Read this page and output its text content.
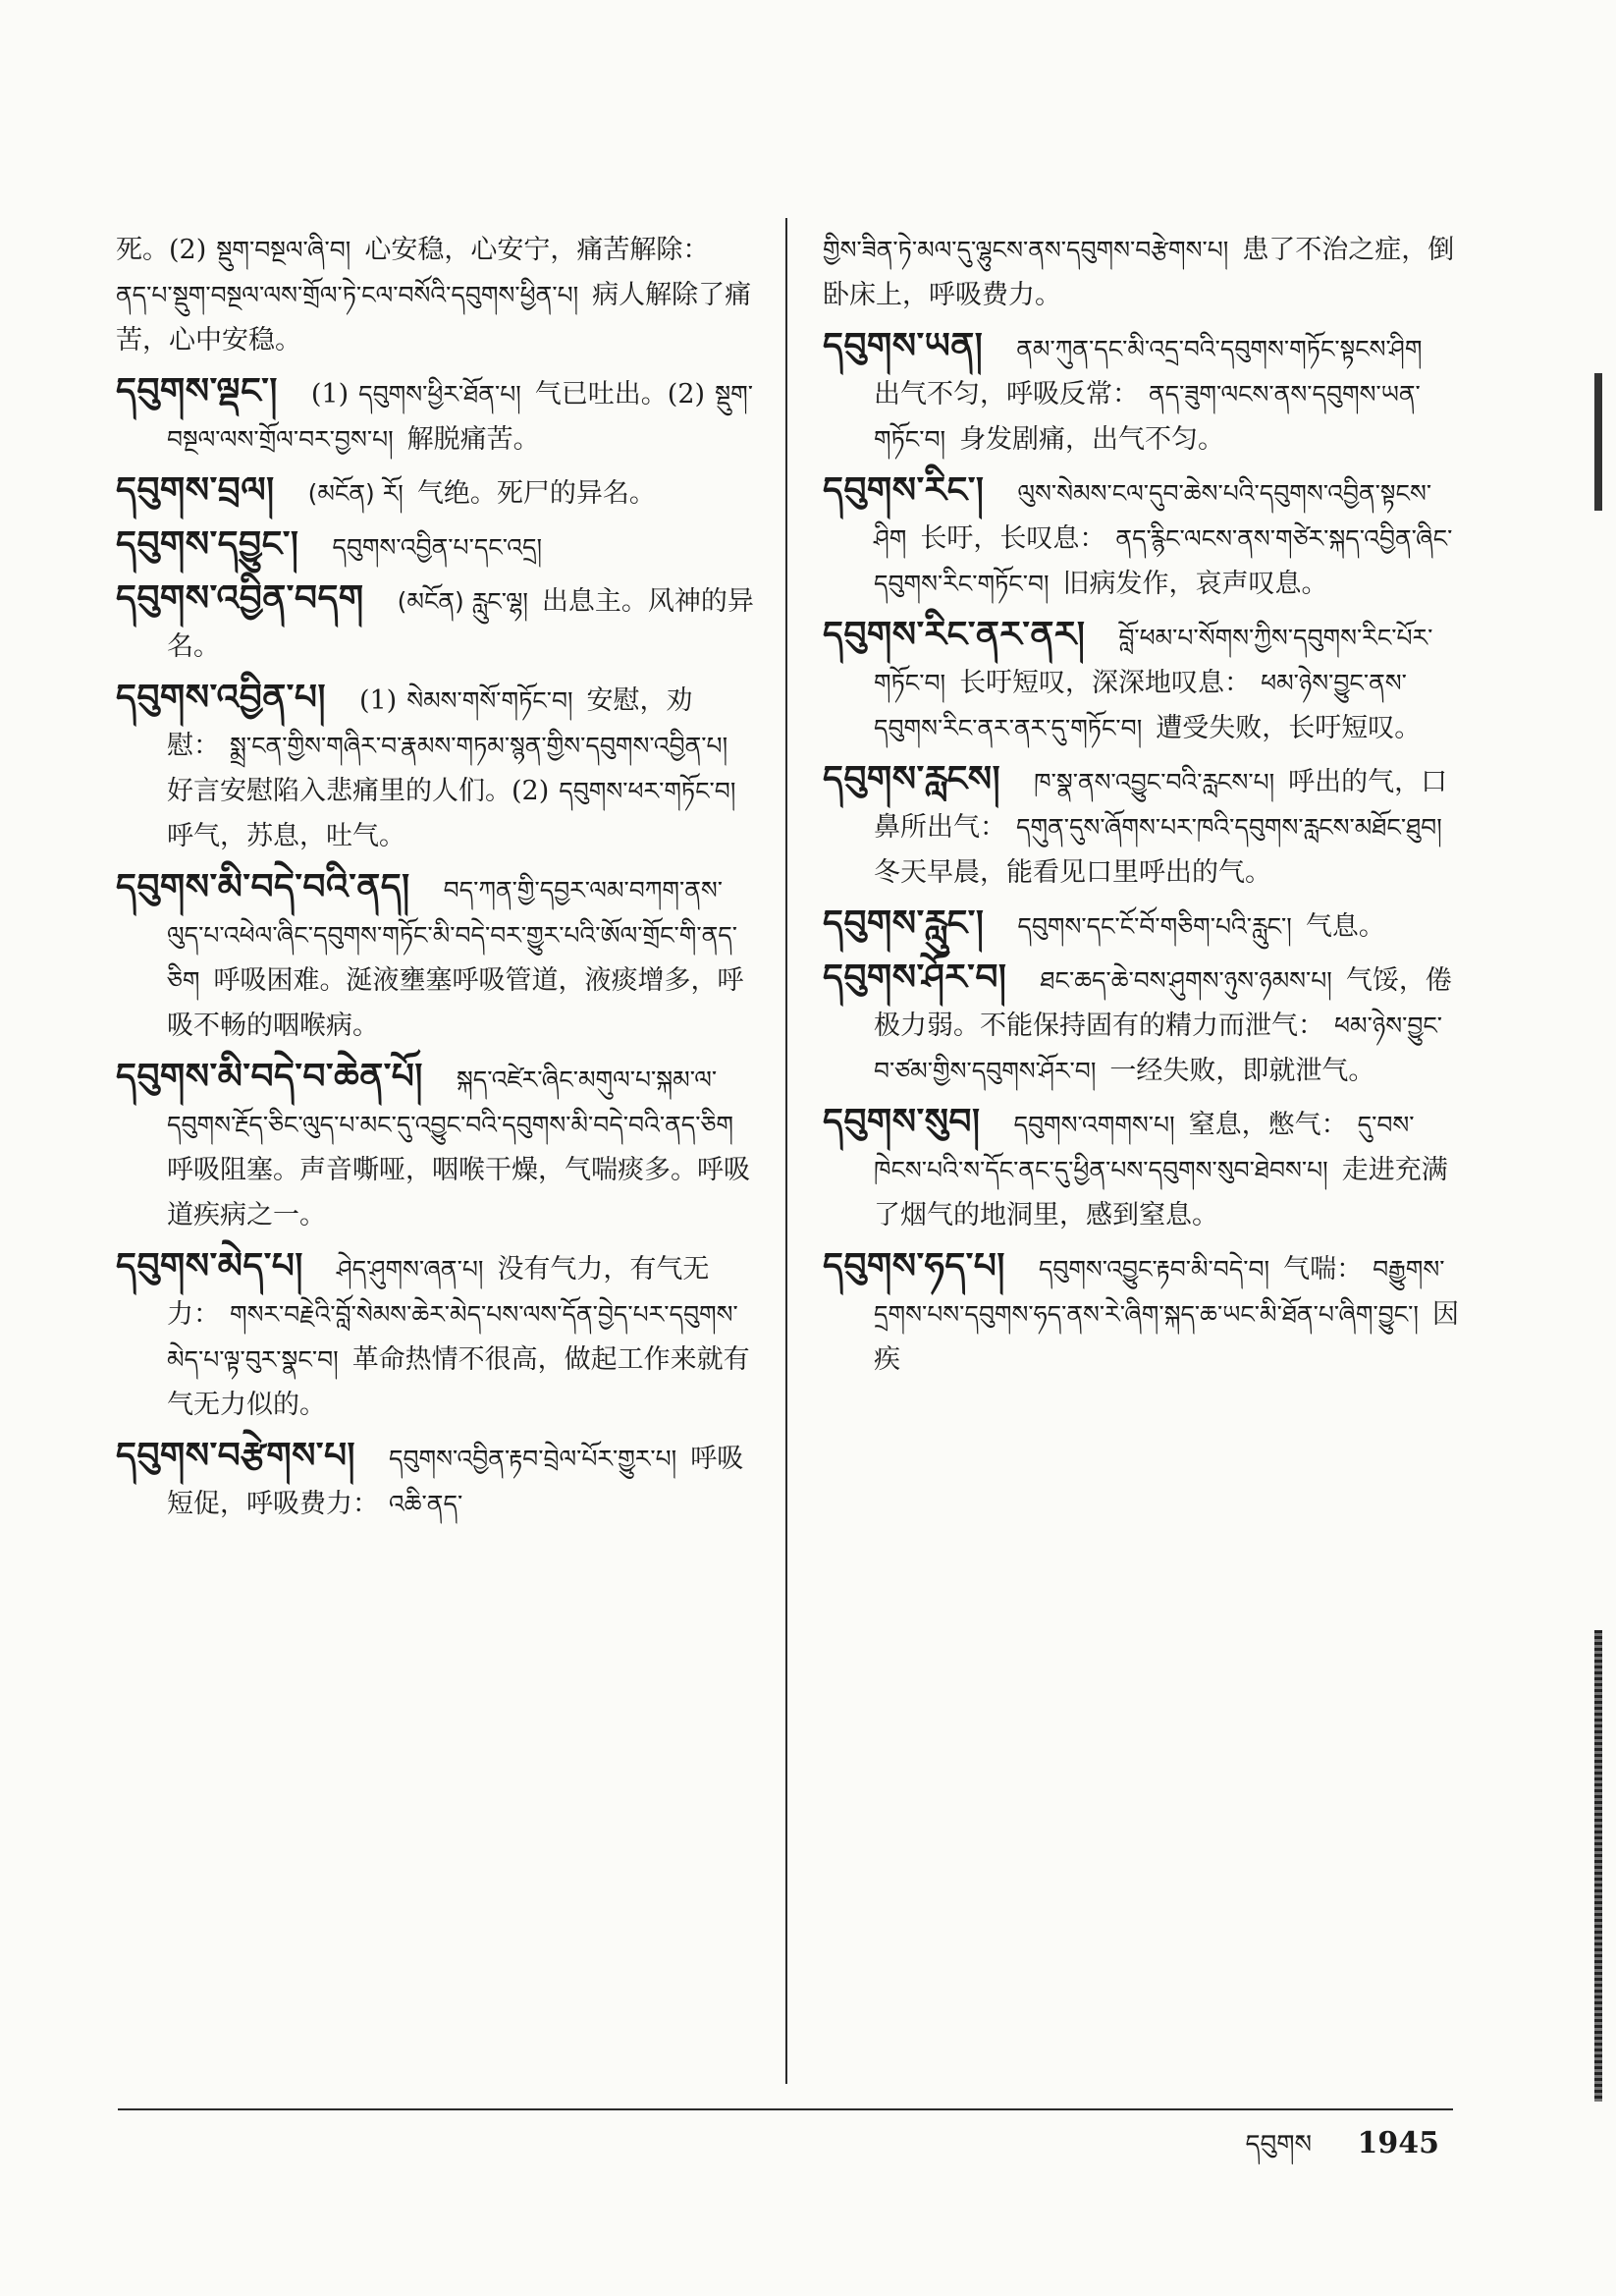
死。(2) སྡུག་བསྔལ་ཞི་བ། 心安稳，心安宁，痛苦解除：ནད་པ་སྡུག་བསྔལ་ལས་གྲོལ་ཏེ་ངལ་བསོའི་དབུགས་ཕྱིན་པ། 病人解除了痛苦，心中安稳。

དབུགས་ལྡང་། (1) དབུགས་ཕྱིར་ཐོན་པ། 气已吐出。(2) སྡུག་བསྔལ་ལས་གྲོལ་བར་བྱས་པ། 解脱痛苦。

དབུགས་བྲལ། (མངོན) རོ། 气绝。死尸的异名。

དབུགས་དབྱུང་། དབུགས་འབྱིན་པ་དང་འདྲ།

དབུགས་འབྱིན་བདག (མངོན) རླུང་ལྷ། 出息主。风神的异名。

དབུགས་འབྱིན་པ། (1) སེམས་གསོ་གཏོང་བ། 安慰，劝慰： སྨྲ་ངན་གྱིས་གཞིར་བ་རྣམས་གཏམ་སྙན་གྱིས་དབུགས་འབྱིན་པ།好言安慰陷入悲痛里的人们。(2) དབུགས་ཕར་གཏོང་བ།呼气，苏息，吐气。

དབུགས་མི་བདེ་བའི་ནད། བད་ཀན་གྱི་དབྱར་ལམ་བཀག་ནས་ལུད་པ་འཕེལ་ཞིང་དབུགས་གཏོང་མི་བདེ་བར་གྱུར་པའི་ཨོལ་གྲོང་གི་ནད་ཅིག 呼吸困难。涎液壅塞呼吸管道，液痰增多，呼吸不畅的咽喉病。

དབུགས་མི་བདེ་བ་ཆེན་པོ། སྐད་འཛེར་ཞིང་མགུལ་པ་སྐམ་ལ་དབུགས་རྔོད་ཅིང་ལུད་པ་མང་དུ་འབྱུང་བའི་དབུགས་མི་བདེ་བའི་ནད་ཅིག呼吸阻塞。声音嘶哑，咽喉干燥，气喘痰多。呼吸道疾病之一。

དབུགས་མེད་པ། ཤེད་ཤུགས་ཞན་པ། 没有气力，有气无力： གསར་བརྗེའི་བློ་སེམས་ཆེར་མེད་པས་ལས་དོན་བྱེད་པར་དབུགས་མེད་པ་ལྟ་བུར་སྣང་བ། 革命热情不很高，做起工作来就有气无力似的。

དབུགས་བརྩེགས་པ། དབུགས་འབྱིན་རྟབ་བྲེལ་པོར་གྱུར་པ། 呼吸短促，呼吸费力： འཆི་ནད་

གྱིས་ཟིན་ཏེ་མལ་དུ་ལྷུངས་ནས་དབུགས་བརྩེགས་པ། 患了不治之症，倒卧床上，呼吸费力。

དབུགས་ཡན། ནམ་ཀུན་དང་མི་འདྲ་བའི་དབུགས་གཏོང་སྟངས་ཤིག出气不匀，呼吸反常： ནད་ཟུག་ལངས་ནས་དབུགས་ཡན་གཏོང་བ། 身发剧痛，出气不匀。

དབུགས་རིང་། ལུས་སེམས་ངལ་དུབ་ཆེས་པའི་དབུགས་འབྱིན་སྟངས་ཤིག 长吁，长叹息： ནད་རྙིང་ལངས་ནས་གཙེར་སྐད་འབྱིན་ཞིང་དབུགས་རིང་གཏོང་བ། 旧病发作，哀声叹息。

དབུགས་རིང་ནར་ནར། བློ་ཕམ་པ་སོགས་ཀྱིས་དབུགས་རིང་པོར་གཏོང་བ། 长吁短叹，深深地叹息： ཕམ་ཉེས་བྱུང་ནས་དབུགས་རིང་ནར་ནར་དུ་གཏོང་བ། 遭受失败，长吁短叹。

དབུགས་རླངས། ཁ་སྣ་ནས་འབྱུང་བའི་རླངས་པ། 呼出的气，口鼻所出气： དགུན་དུས་ཞོགས་པར་ཁའི་དབུགས་རླངས་མཐོང་ཐུབ།冬天早晨，能看见口里呼出的气。

དབུགས་རླུང་། དབུགས་དང་ངོ་བོ་གཅིག་པའི་རླུང་། 气息。

དབུགས་ཤོར་བ། ཐང་ཆད་ཆེ་བས་ཤུགས་ཉུས་ཉམས་པ། 气馁，倦极力弱。不能保持固有的精力而泄气： ཕམ་ཉེས་བྱུང་བ་ཙམ་གྱིས་དབུགས་ཤོར་བ། 一经失败，即就泄气。

དབུགས་སུབ། དབུགས་འགགས་པ། 窒息，憋气： དུ་བས་ཁེངས་པའི་ས་དོང་ནང་དུ་ཕྱིན་པས་དབུགས་སུབ་ཐེབས་པ། 走进充满了烟气的地洞里，感到窒息。

དབུགས་ཧད་པ། དབུགས་འབྱུང་རྟབ་མི་བདེ་བ། 气喘： བརྒྱུགས་དྲགས་པས་དབུགས་ཧད་ནས་རེ་ཞིག་སྐད་ཆ་ཡང་མི་ཐོན་པ་ཞིག་བྱུང་། 因疾

དབུགས 1945
